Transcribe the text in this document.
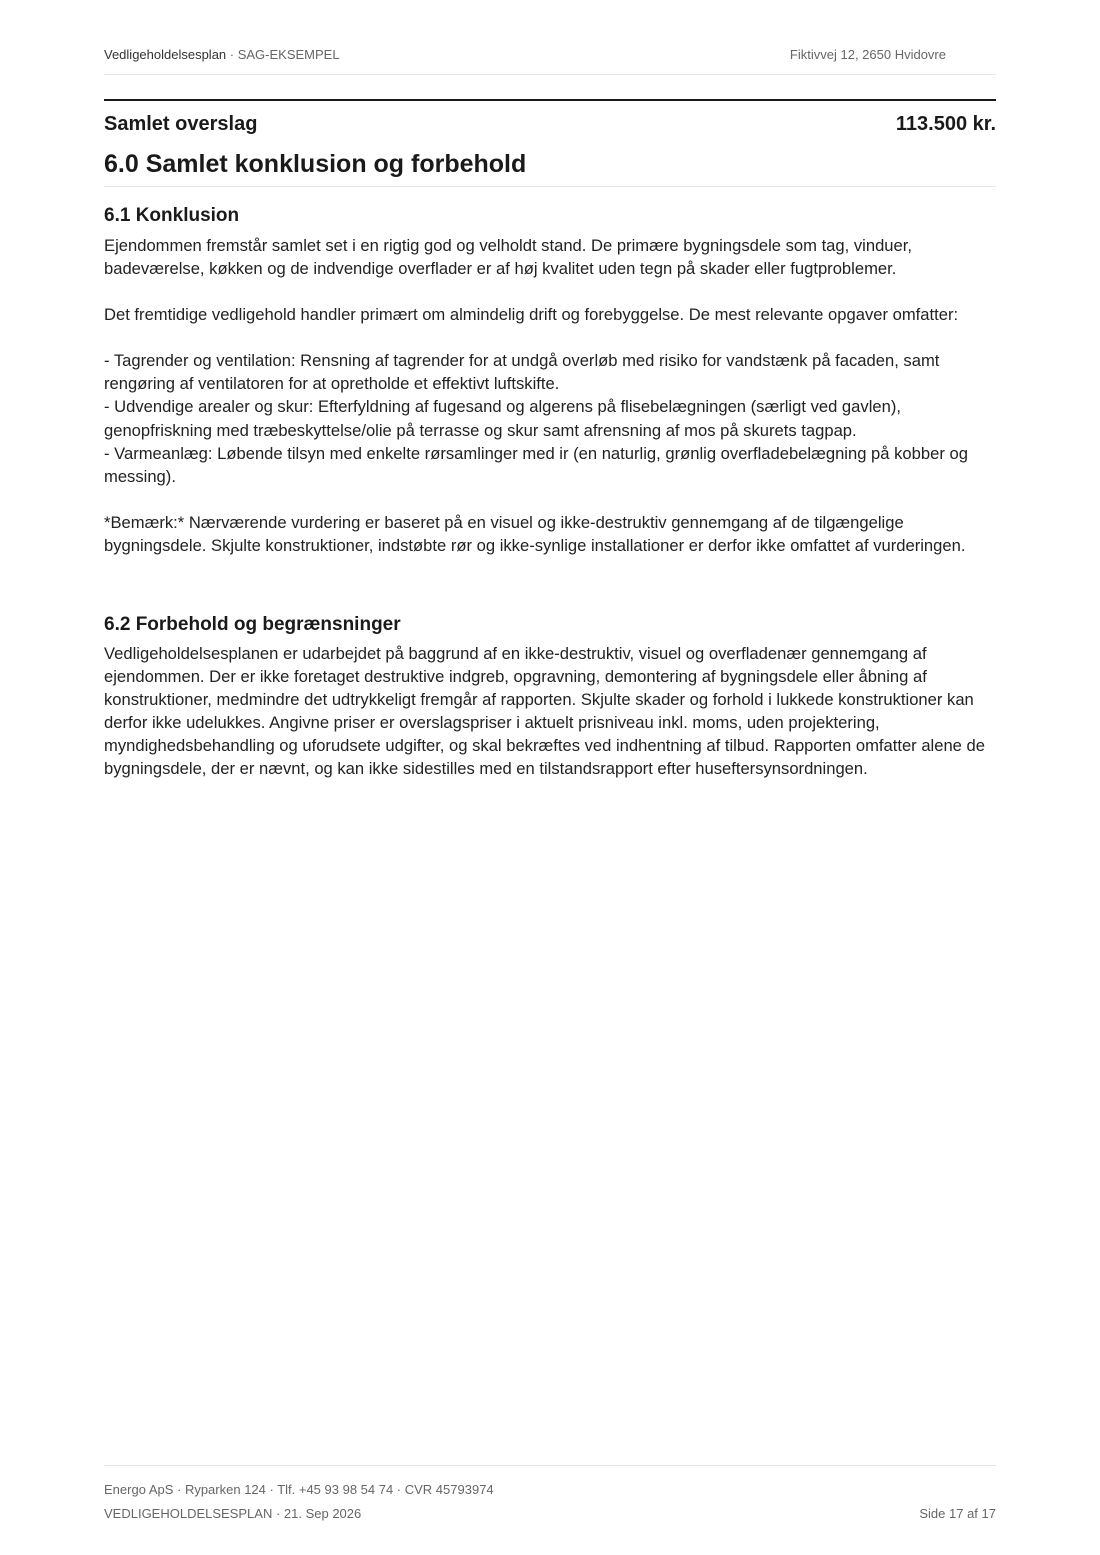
Vedligeholdelsesplan · SAG-EKSEMPEL	Fiktivvej 12, 2650 Hvidovre
Samlet overslag	113.500 kr.
6.0 Samlet konklusion og forbehold
6.1 Konklusion

Ejendommen fremstår samlet set i en rigtig god og velholdt stand. De primære bygningsdele som tag, vinduer, badeværelse, køkken og de indvendige overflader er af høj kvalitet uden tegn på skader eller fugtproblemer.

Det fremtidige vedligehold handler primært om almindelig drift og forebyggelse. De mest relevante opgaver omfatter:

- Tagrender og ventilation: Rensning af tagrender for at undgå overløb med risiko for vandstænk på facaden, samt rengøring af ventilatoren for at opretholde et effektivt luftskifte.

- Udvendige arealer og skur: Efterfyldning af fugesand og algerens på flisebelægningen (særligt ved gavlen), genopfriskning med træbeskyttelse/olie på terrasse og skur samt afrensning af mos på skurets tagpap.

- Varmeanlæg: Løbende tilsyn med enkelte rørsamlinger med ir (en naturlig, grønlig overfladebelægning på kobber og messing).

*Bemærk:* Nærværende vurdering er baseret på en visuel og ikke-destruktiv gennemgang af de tilgængelige bygningsdele. Skjulte konstruktioner, indstøbte rør og ikke-synlige installationer er derfor ikke omfattet af vurderingen.

6.2 Forbehold og begrænsninger

Vedligeholdelsesplanen er udarbejdet på baggrund af en ikke-destruktiv, visuel og overfladenær gennemgang af ejendommen. Der er ikke foretaget destruktive indgreb, opgravning, demontering af bygningsdele eller åbning af konstruktioner, medmindre det udtrykkeligt fremgår af rapporten. Skjulte skader og forhold i lukkede konstruktioner kan derfor ikke udelukkes. Angivne priser er overslagspriser i aktuelt prisniveau inkl. moms, uden projektering, myndighedsbehandling og uforudsete udgifter, og skal bekræftes ved indhentning af tilbud. Rapporten omfatter alene de bygningsdele, der er nævnt, og kan ikke sidestilles med en tilstandsrapport efter huseftersynsordningen.

Energo ApS · Ryparken 124 · Tlf. +45 93 98 54 74 · CVR 45793974
VEDLIGEHOLDELSESPLAN · 21. Sep 2026	Side 17 af 17
